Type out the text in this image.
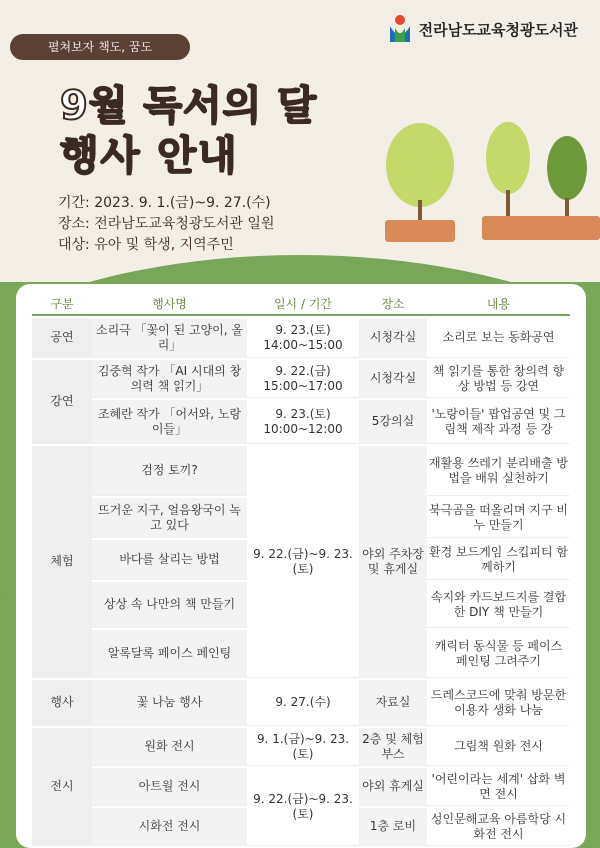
펼쳐보자 책도, 꿈도
전라남도교육청광도서관
9월 독서의 달
행사 안내
기간: 2023. 9. 1.(금)~9. 27.(수)
장소: 전라남도교육청광도서관 일원
대상: 유아 및 학생, 지역주민
구분	행사명	일시 / 기간	장소	내용
공연	소리극 「꽃이 된 고양이, 올리」	9. 23.(토) 14:00~15:00	시청각실	소리로 보는 동화공연
강연	김중혁 작가 「AI 시대의 창의력 책 읽기」	9. 22.(금) 15:00~17:00	시청각실	책 읽기를 통한 창의력 향상 방법 등 강연
	조혜란 작가 「어서와, 노랑이들」	9. 23.(토) 10:00~12:00	5강의실	'노랑이들' 팝업공연 및 그림책 제작 과정 등 강
체험	검정 토끼?	9. 22.(금)~9. 23.(토)	야외 주차장 및 휴게실	재활용 쓰레기 분리배출 방법을 배워 실천하기
	뜨거운 지구, 얼음왕국이 녹고 있다			북극곰을 떠올리며 지구 비누 만들기
	바다를 살리는 방법			환경 보드게임 스킵피티 함께하기
	상상 속 나만의 책 만들기			속지와 카드보드지를 결합한 DIY 책 만들기
	알록달록 페이스 페인팅			캐릭터 동식물 등 페이스 페인팅 그려주기
행사	꽃 나눔 행사	9. 27.(수)	자료실	드레스코드에 맞춰 방문한 이용자 생화 나눔
전시	원화 전시	9. 1.(금)~9. 23.(토)	2층 및 체험부스	그림책 원화 전시
	아트월 전시	9. 22.(금)~9. 23.(토)	야외 휴게실	'어린이라는 세계' 삽화 벽면 전시
	시화전 전시		1층 로비	성인문해교육 아름학당 시화전 전시
